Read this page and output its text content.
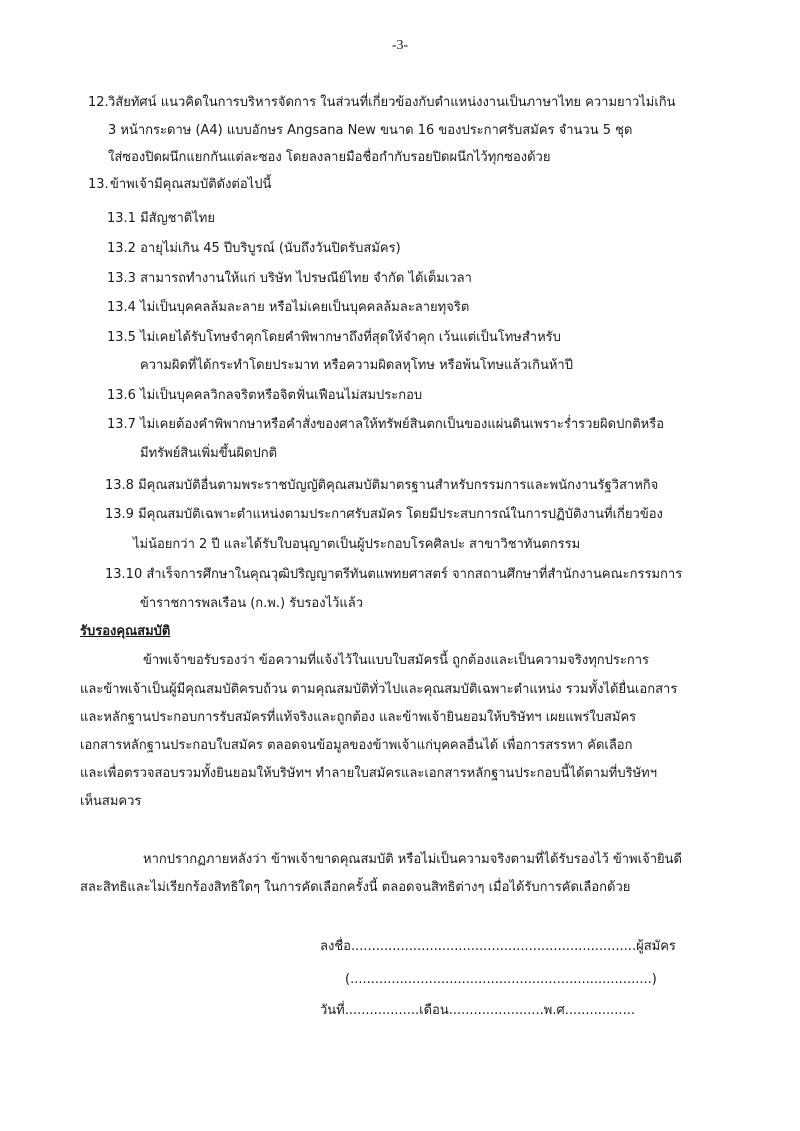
-3-
12. วิสัยทัศน์ แนวคิดในการบริหารจัดการ ในส่วนที่เกี่ยวข้องกับตำแหน่งงานเป็นภาษาไทย ความยาวไม่เกิน
3 หน้ากระดาษ (A4) แบบอักษร Angsana New ขนาด 16 ของประกาศรับสมัคร จำนวน 5 ชุด
ใส่ซองปิดผนึกแยกกันแต่ละซอง โดยลงลายมือชื่อกำกับรอยปิดผนึกไว้ทุกซองด้วย
13. ข้าพเจ้ามีคุณสมบัติดังต่อไปนี้
13.1 มีสัญชาติไทย
13.2 อายุไม่เกิน 45 ปีบริบูรณ์ (นับถึงวันปิดรับสมัคร)
13.3 สามารถทำงานให้แก่ บริษัท ไปรษณีย์ไทย จำกัด ได้เต็มเวลา
13.4 ไม่เป็นบุคคลล้มละลาย หรือไม่เคยเป็นบุคคลล้มละลายทุจริต
13.5 ไม่เคยได้รับโทษจำคุกโดยคำพิพากษาถึงที่สุดให้จำคุก เว้นแต่เป็นโทษสำหรับ
ความผิดที่ได้กระทำโดยประมาท หรือความผิดลหุโทษ หรือพ้นโทษแล้วเกินห้าปี
13.6 ไม่เป็นบุคคลวิกลจริตหรือจิตฟั่นเฟือนไม่สมประกอบ
13.7 ไม่เคยต้องคำพิพากษาหรือคำสั่งของศาลให้ทรัพย์สินตกเป็นของแผ่นดินเพราะร่ำรวยผิดปกติหรือ
มีทรัพย์สินเพิ่มขึ้นผิดปกติ
13.8 มีคุณสมบัติอื่นตามพระราชบัญญัติคุณสมบัติมาตรฐานสำหรับกรรมการและพนักงานรัฐวิสาหกิจ
13.9 มีคุณสมบัติเฉพาะตำแหน่งตามประกาศรับสมัคร โดยมีประสบการณ์ในการปฏิบัติงานที่เกี่ยวข้อง
ไม่น้อยกว่า 2 ปี และได้รับใบอนุญาตเป็นผู้ประกอบโรคศิลปะ สาขาวิชาทันตกรรม
13.10 สำเร็จการศึกษาในคุณวุฒิปริญญาตรีทันตแพทยศาสตร์ จากสถานศึกษาที่สำนักงานคณะกรรมการ
ข้าราชการพลเรือน (ก.พ.) รับรองไว้แล้ว
รับรองคุณสมบัติ
ข้าพเจ้าขอรับรองว่า ข้อความที่แจ้งไว้ในแบบใบสมัครนี้ ถูกต้องและเป็นความจริงทุกประการ
และข้าพเจ้าเป็นผู้มีคุณสมบัติครบถ้วน ตามคุณสมบัติทั่วไปและคุณสมบัติเฉพาะตำแหน่ง รวมทั้งได้ยื่นเอกสาร
และหลักฐานประกอบการรับสมัครที่แท้จริงและถูกต้อง และข้าพเจ้ายินยอมให้บริษัทฯ เผยแพร่ใบสมัคร
เอกสารหลักฐานประกอบใบสมัคร ตลอดจนข้อมูลของข้าพเจ้าแก่บุคคลอื่นได้ เพื่อการสรรหา คัดเลือก
และเพื่อตรวจสอบรวมทั้งยินยอมให้บริษัทฯ ทำลายใบสมัครและเอกสารหลักฐานประกอบนี้ได้ตามที่บริษัทฯ
เห็นสมควร
หากปรากฏภายหลังว่า ข้าพเจ้าขาดคุณสมบัติ หรือไม่เป็นความจริงตามที่ได้รับรองไว้ ข้าพเจ้ายินดี
สละสิทธิและไม่เรียกร้องสิทธิใดๆ ในการคัดเลือกครั้งนี้ ตลอดจนสิทธิต่างๆ เมื่อได้รับการคัดเลือกด้วย
ลงชื่อ.....................................................................ผู้สมัคร
(.........................................................................)
วันที่..................เดือน.......................พ.ศ.................
